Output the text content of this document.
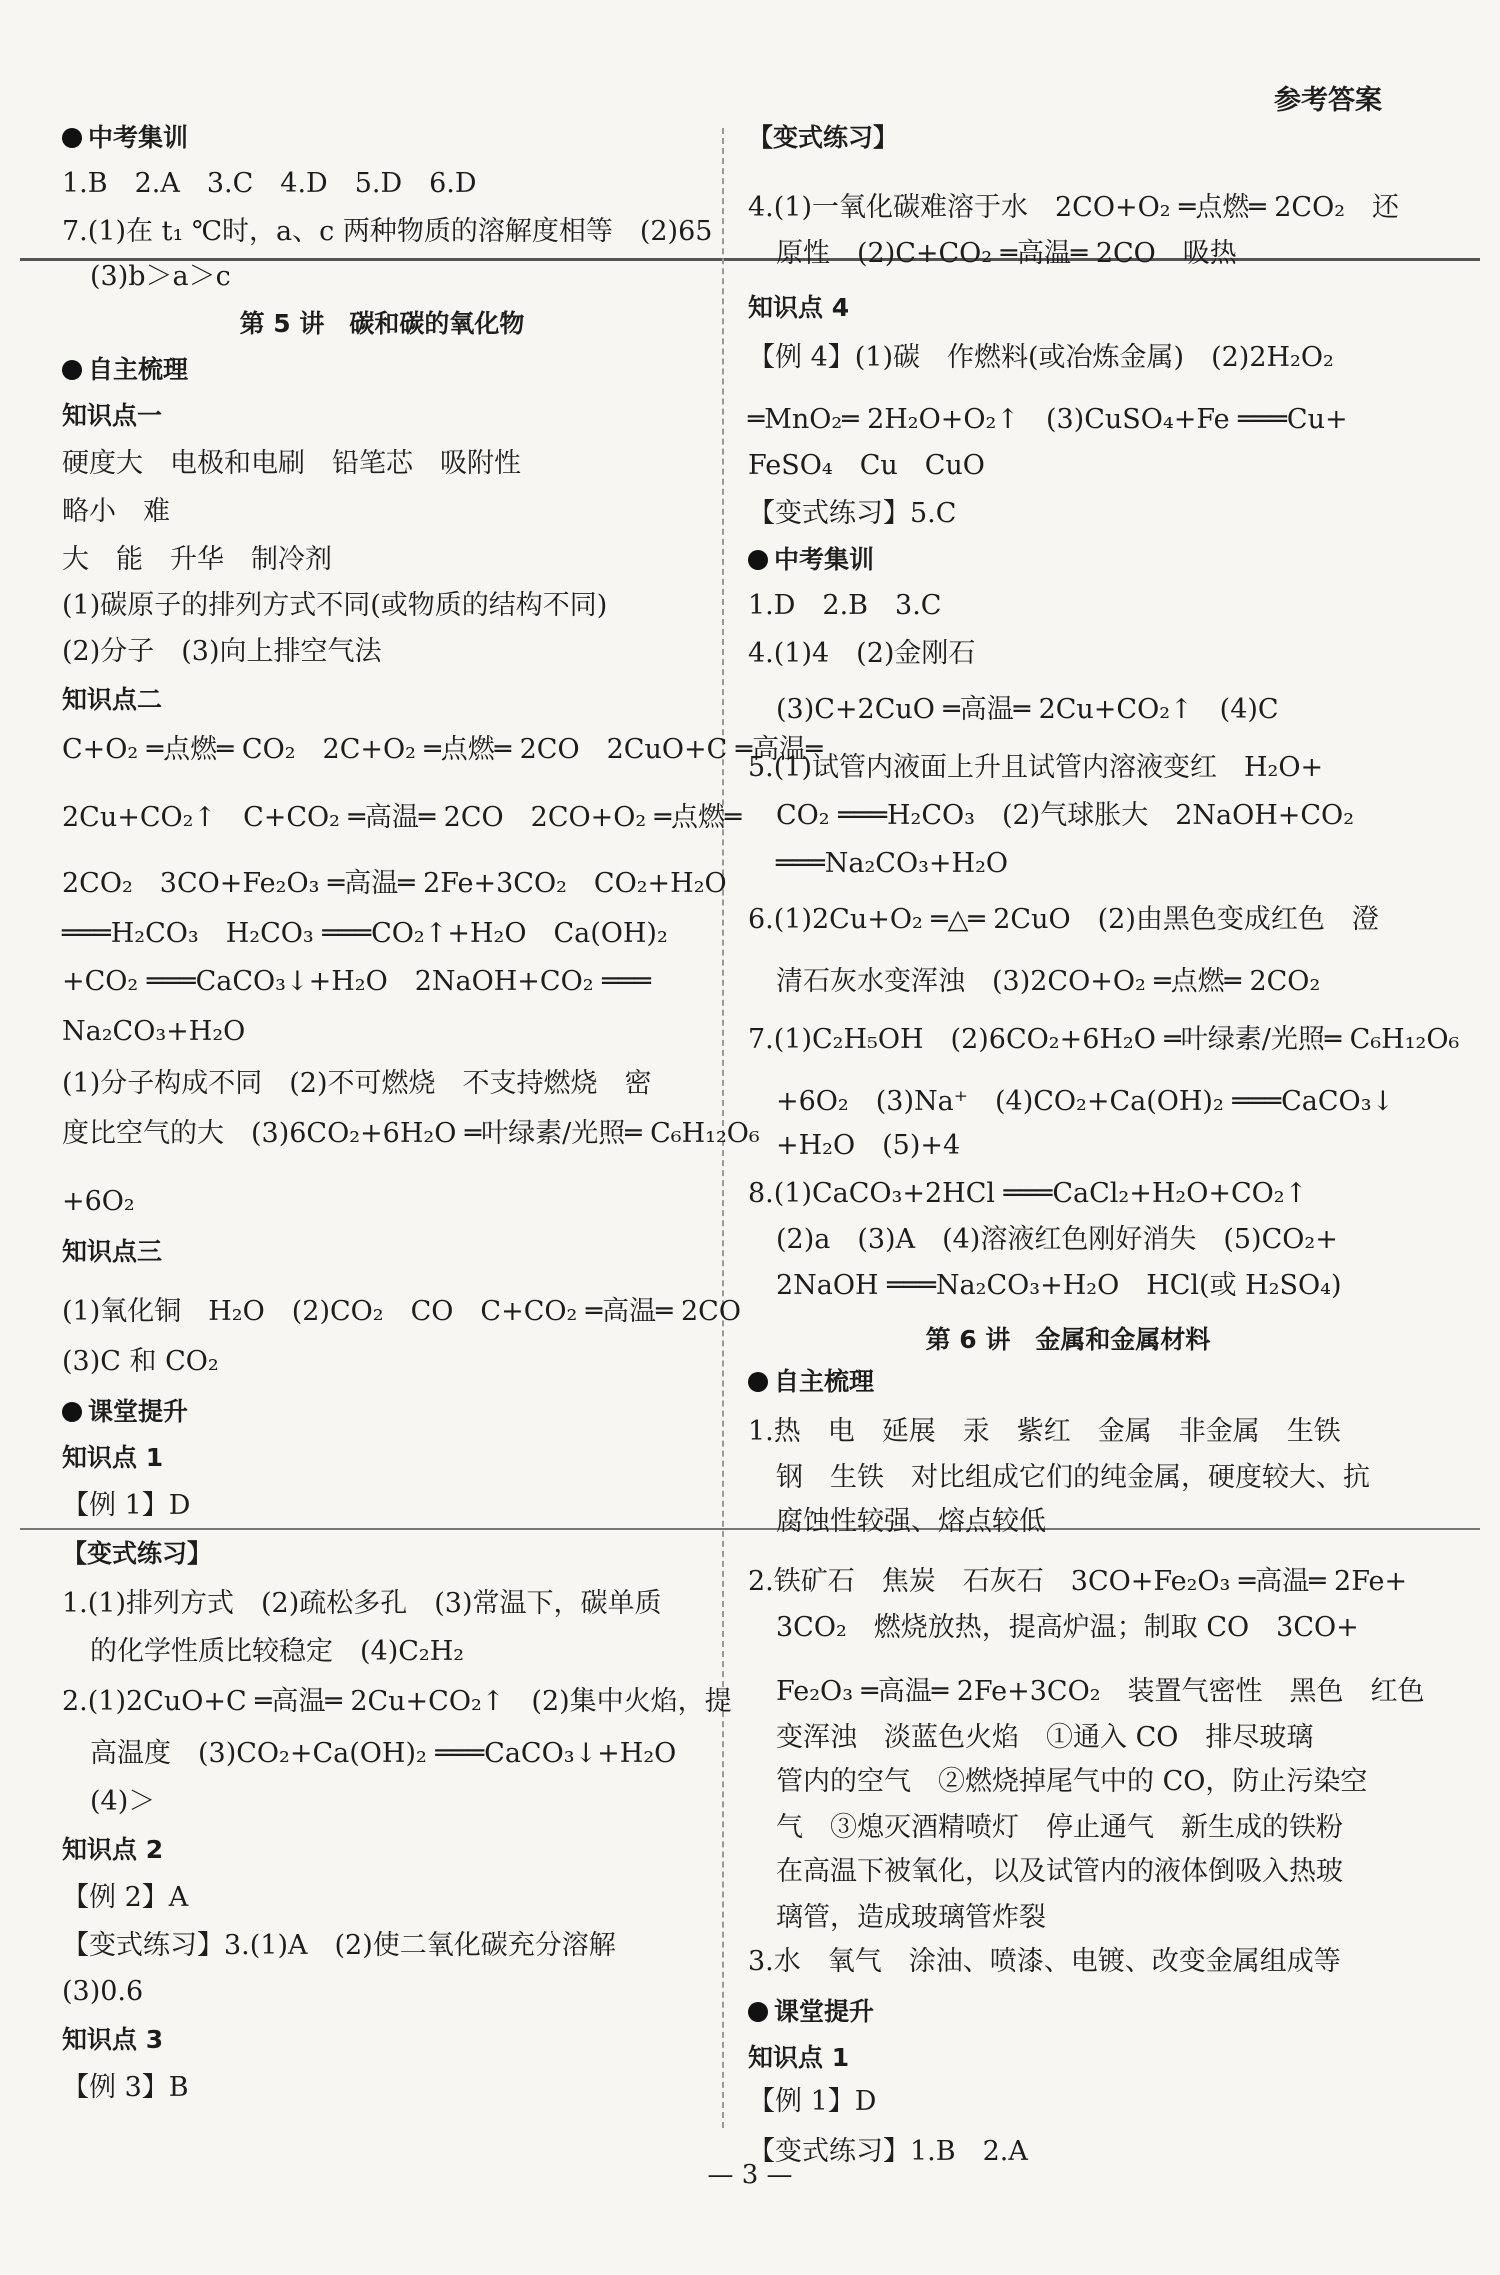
参考答案
中考集训
1.B　2.A　3.C　4.D　5.D　6.D
7.(1)在 t₁ ℃时，a、c 两种物质的溶解度相等　(2)65
(3)b＞a＞c
第 5 讲　碳和碳的氧化物
自主梳理
知识点一
硬度大　电极和电刷　铅笔芯　吸附性
略小　难
大　能　升华　制冷剂
(1)碳原子的排列方式不同(或物质的结构不同)
(2)分子　(3)向上排空气法
知识点二
C+O₂ ═点燃═ CO₂　2C+O₂ ═点燃═ 2CO　2CuO+C ═高温═
2Cu+CO₂↑　C+CO₂ ═高温═ 2CO　2CO+O₂ ═点燃═
2CO₂　3CO+Fe₂O₃ ═高温═ 2Fe+3CO₂　CO₂+H₂O
═══H₂CO₃　H₂CO₃ ═══CO₂↑+H₂O　Ca(OH)₂
+CO₂ ═══CaCO₃↓+H₂O　2NaOH+CO₂ ═══
Na₂CO₃+H₂O
(1)分子构成不同　(2)不可燃烧　不支持燃烧　密
度比空气的大　(3)6CO₂+6H₂O ═叶绿素/光照═ C₆H₁₂O₆
+6O₂
知识点三
(1)氧化铜　H₂O　(2)CO₂　CO　C+CO₂ ═高温═ 2CO
(3)C 和 CO₂
课堂提升
知识点 1
【例 1】D
【变式练习】
1.(1)排列方式　(2)疏松多孔　(3)常温下，碳单质
的化学性质比较稳定　(4)C₂H₂
2.(1)2CuO+C ═高温═ 2Cu+CO₂↑　(2)集中火焰，提
高温度　(3)CO₂+Ca(OH)₂ ═══CaCO₃↓+H₂O
(4)＞
知识点 2
【例 2】A
【变式练习】3.(1)A　(2)使二氧化碳充分溶解
(3)0.6
知识点 3
【例 3】B
【变式练习】
4.(1)一氧化碳难溶于水　2CO+O₂ ═点燃═ 2CO₂　还
原性　(2)C+CO₂ ═高温═ 2CO　吸热
知识点 4
【例 4】(1)碳　作燃料(或冶炼金属)　(2)2H₂O₂
═MnO₂═ 2H₂O+O₂↑　(3)CuSO₄+Fe ═══Cu+
FeSO₄　Cu　CuO
【变式练习】5.C
中考集训
1.D　2.B　3.C
4.(1)4　(2)金刚石
(3)C+2CuO ═高温═ 2Cu+CO₂↑　(4)C
5.(1)试管内液面上升且试管内溶液变红　H₂O+
CO₂ ═══H₂CO₃　(2)气球胀大　2NaOH+CO₂
═══Na₂CO₃+H₂O
6.(1)2Cu+O₂ ═△═ 2CuO　(2)由黑色变成红色　澄
清石灰水变浑浊　(3)2CO+O₂ ═点燃═ 2CO₂
7.(1)C₂H₅OH　(2)6CO₂+6H₂O ═叶绿素/光照═ C₆H₁₂O₆
+6O₂　(3)Na⁺　(4)CO₂+Ca(OH)₂ ═══CaCO₃↓
+H₂O　(5)+4
8.(1)CaCO₃+2HCl ═══CaCl₂+H₂O+CO₂↑
(2)a　(3)A　(4)溶液红色刚好消失　(5)CO₂+
2NaOH ═══Na₂CO₃+H₂O　HCl(或 H₂SO₄)
第 6 讲　金属和金属材料
自主梳理
1.热　电　延展　汞　紫红　金属　非金属　生铁
钢　生铁　对比组成它们的纯金属，硬度较大、抗
腐蚀性较强、熔点较低
2.铁矿石　焦炭　石灰石　3CO+Fe₂O₃ ═高温═ 2Fe+
3CO₂　燃烧放热，提高炉温；制取 CO　3CO+
Fe₂O₃ ═高温═ 2Fe+3CO₂　装置气密性　黑色　红色
变浑浊　淡蓝色火焰　①通入 CO　排尽玻璃
管内的空气　②燃烧掉尾气中的 CO，防止污染空
气　③熄灭酒精喷灯　停止通气　新生成的铁粉
在高温下被氧化，以及试管内的液体倒吸入热玻
璃管，造成玻璃管炸裂
3.水　氧气　涂油、喷漆、电镀、改变金属组成等
课堂提升
知识点 1
【例 1】D
【变式练习】1.B　2.A
— 3 —
